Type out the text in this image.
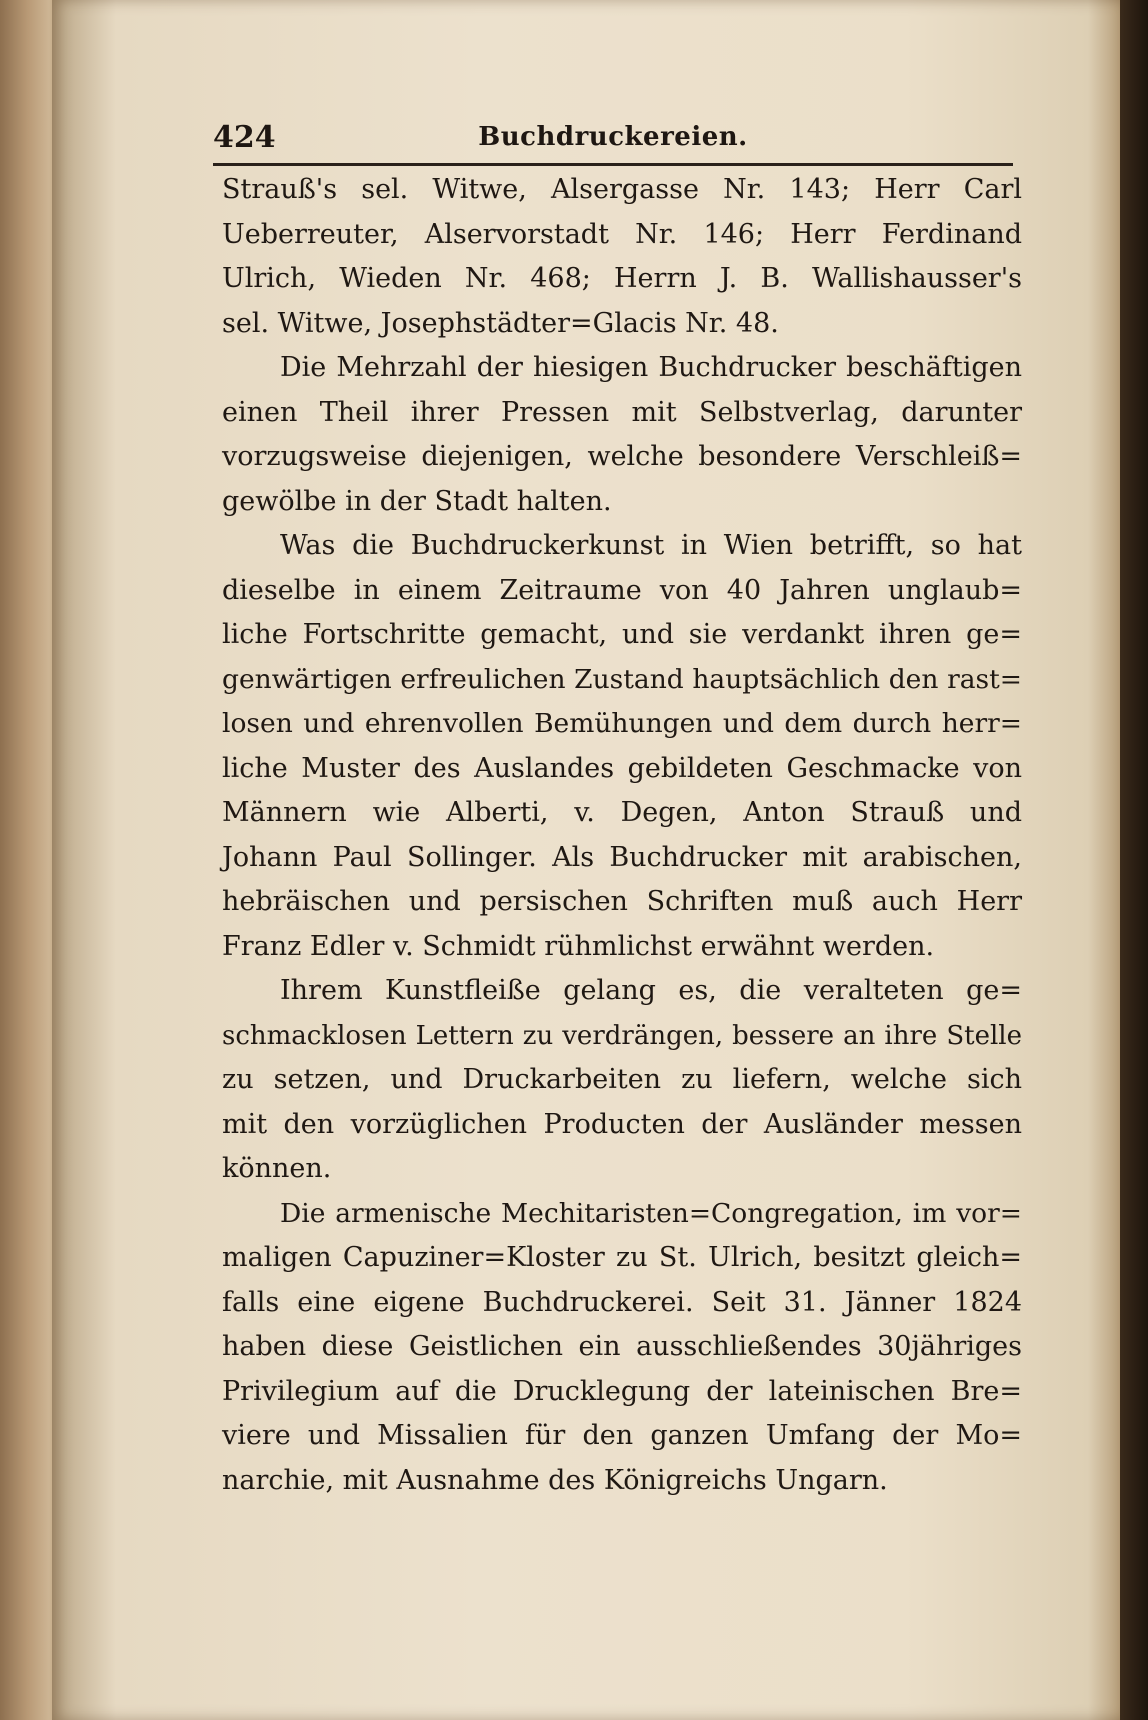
424	Buchdruckereien.
Strauß's sel. Witwe, Alsergasse Nr. 143; Herr Carl
Ueberreuter, Alservorstadt Nr. 146; Herr Ferdinand
Ulrich, Wieden Nr. 468; Herrn J. B. Wallishausser's
sel. Witwe, Josephstädter=Glacis Nr. 48.
Die Mehrzahl der hiesigen Buchdrucker beschäftigen
einen Theil ihrer Pressen mit Selbstverlag, darunter
vorzugsweise diejenigen, welche besondere Verschleiß=
gewölbe in der Stadt halten.
Was die Buchdruckerkunst in Wien betrifft, so hat
dieselbe in einem Zeitraume von 40 Jahren unglaub=
liche Fortschritte gemacht, und sie verdankt ihren ge=
genwärtigen erfreulichen Zustand hauptsächlich den rast=
losen und ehrenvollen Bemühungen und dem durch herr=
liche Muster des Auslandes gebildeten Geschmacke von
Männern wie Alberti, v. Degen, Anton Strauß und
Johann Paul Sollinger. Als Buchdrucker mit arabischen,
hebräischen und persischen Schriften muß auch Herr
Franz Edler v. Schmidt rühmlichst erwähnt werden.
Ihrem Kunstfleiße gelang es, die veralteten ge=
schmacklosen Lettern zu verdrängen, bessere an ihre Stelle
zu setzen, und Druckarbeiten zu liefern, welche sich
mit den vorzüglichen Producten der Ausländer messen
können.
Die armenische Mechitaristen=Congregation, im vor=
maligen Capuziner=Kloster zu St. Ulrich, besitzt gleich=
falls eine eigene Buchdruckerei. Seit 31. Jänner 1824
haben diese Geistlichen ein ausschließendes 30jähriges
Privilegium auf die Drucklegung der lateinischen Bre=
viere und Missalien für den ganzen Umfang der Mo=
narchie, mit Ausnahme des Königreichs Ungarn.
